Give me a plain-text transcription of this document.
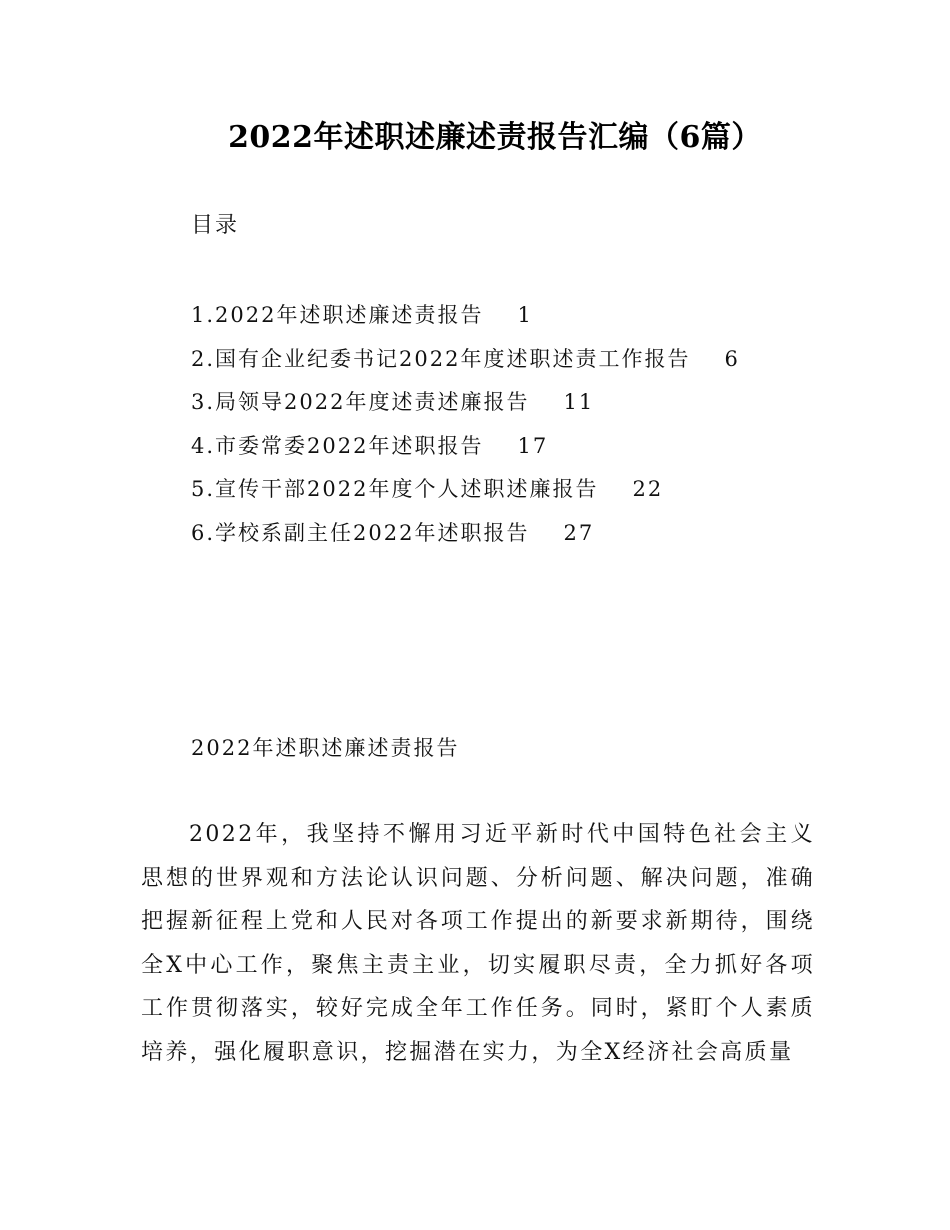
2022年述职述廉述责报告汇编（6篇）
目录
1.2022年述职述廉述责报告 1
2.国有企业纪委书记2022年度述职述责工作报告 6
3.局领导2022年度述责述廉报告 11
4.市委常委2022年述职报告 17
5.宣传干部2022年度个人述职述廉报告 22
6.学校系副主任2022年述职报告 27
2022年述职述廉述责报告

2022年，我坚持不懈用习近平新时代中国特色社会主义思想的世界观和方法论认识问题、分析问题、解决问题，准确把握新征程上党和人民对各项工作提出的新要求新期待，围绕全X中心工作，聚焦主责主业，切实履职尽责，全力抓好各项工作贯彻落实，较好完成全年工作任务。同时，紧盯个人素质培养，强化履职意识，挖掘潜在实力，为全X经济社会高质量
